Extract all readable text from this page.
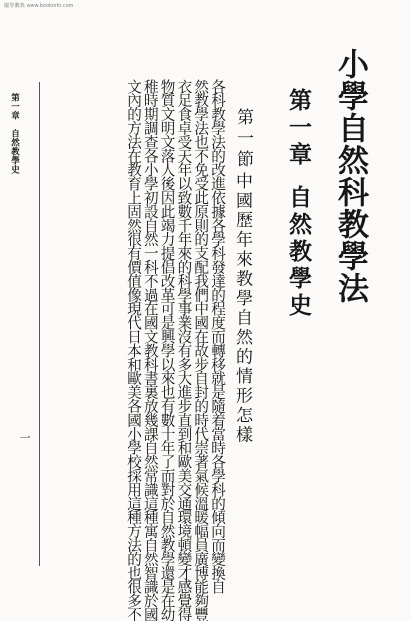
國學數典 www.bookinfo.com
小學自然科教學法
第一章自然教學史
第一節
中國歷年來教學自然的情形怎樣
各科教學法的改進依據各學科發達的程度而轉移就是隨着當時各學科的傾向而變換自
然教學法也不免受此原則的支配我們中國在故步自封的時代崇著氣候溫暖幅員廣博能夠豐
衣足食卓受天年以致數千年來的科學事業沒有多大進步直到和歐美交通環境頓變才感覺得
物質文明文落人後因此竭力提倡改革可是興學以來也有數十年了而對於自然教學還是在幼
稚時期調查各小學初設自然一科不過在國文教科書裏放幾課自然常識這種寓自然智識於國
文內的方法在教育上固然很有價值像現代日本和歐美各國小學校採用這種方法的也很多不
第一章　自然教學史
一
